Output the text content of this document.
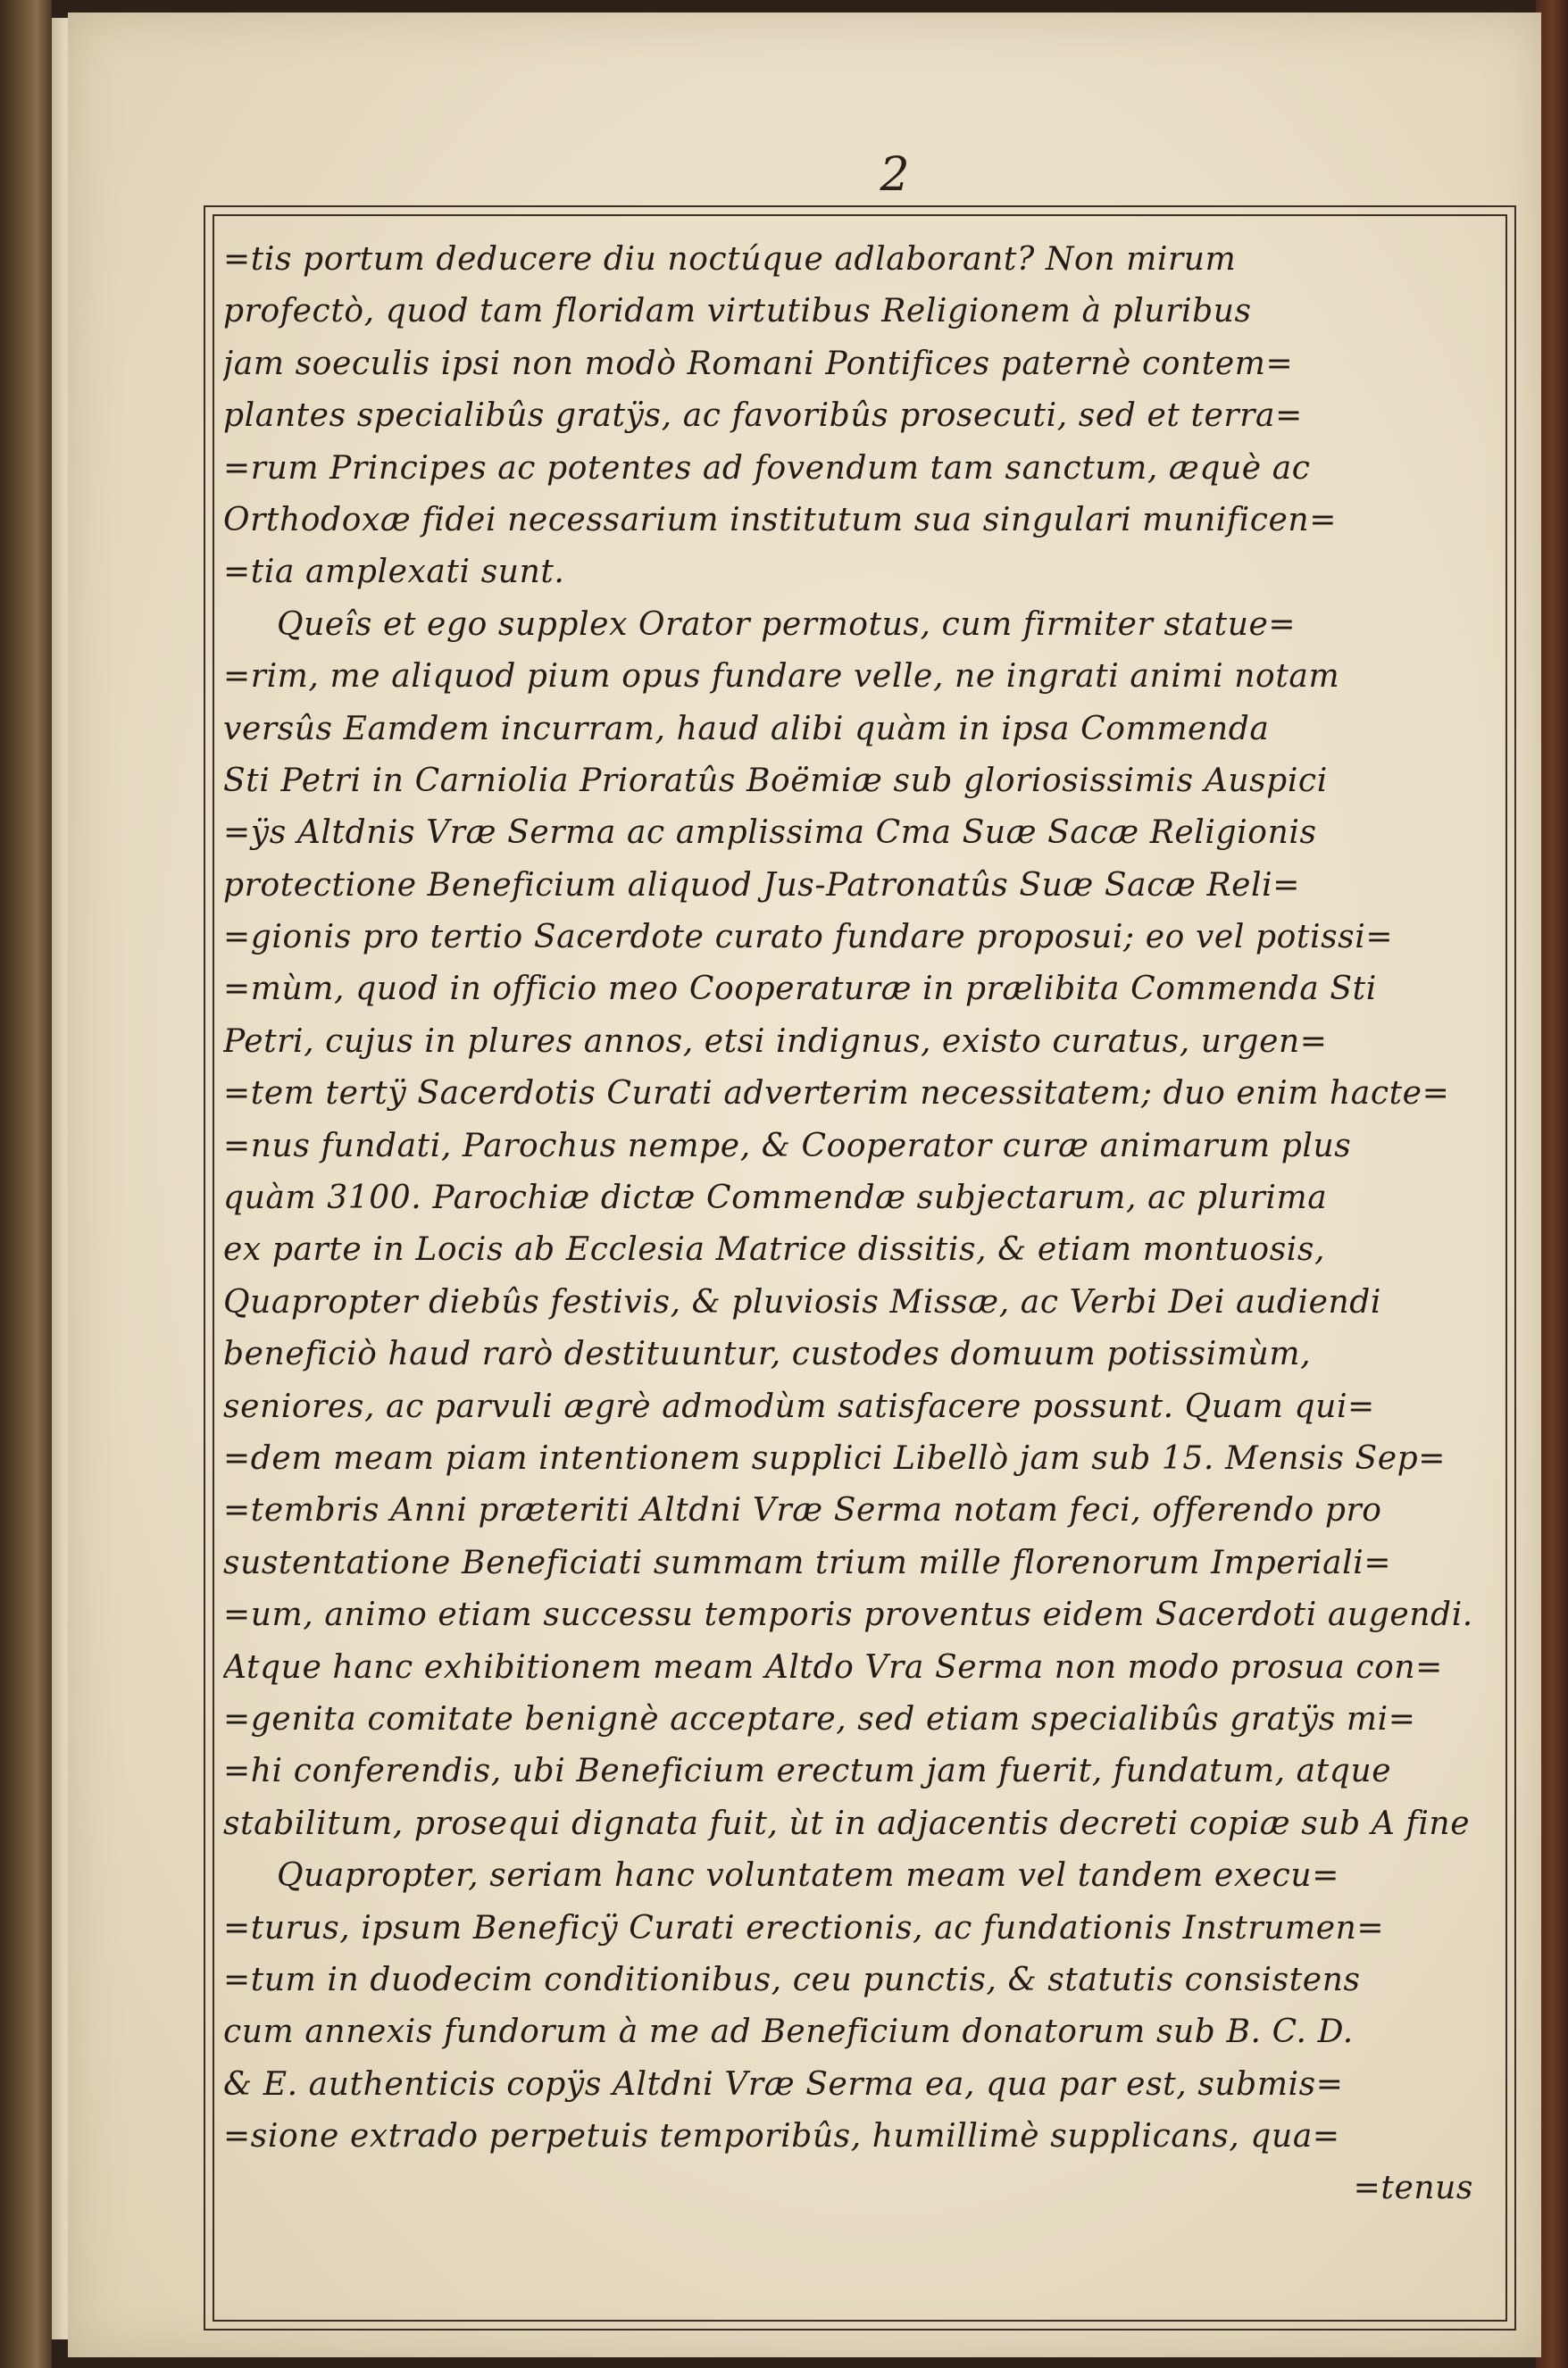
2
=tis portum deducere diu noctúque adlaborant? Non mirum
profectò, quod tam floridam virtutibus Religionem à pluribus
jam soeculis ipsi non modò Romani Pontifices paternè contem=
plantes specialibûs gratÿs, ac favoribûs prosecuti, sed et terra=
=rum Principes ac potentes ad fovendum tam sanctum, æquè ac
Orthodoxæ fidei necessarium institutum sua singulari munificen=
=tia amplexati sunt.
Queîs et ego supplex Orator permotus, cum firmiter statue=
=rim, me aliquod pium opus fundare velle, ne ingrati animi notam
versûs Eamdem incurram, haud alibi quàm in ipsa Commenda
Sti Petri in Carniolia Prioratûs Boëmiæ sub gloriosissimis Auspici
=ÿs Altdnis Vræ Serma ac amplissima Cma Suæ Sacæ Religionis
protectione Beneficium aliquod Jus-Patronatûs Suæ Sacæ Reli=
=gionis pro tertio Sacerdote curato fundare proposui; eo vel potissi=
=mùm, quod in officio meo Cooperaturæ in prælibita Commenda Sti
Petri, cujus in plures annos, etsi indignus, existo curatus, urgen=
=tem tertÿ Sacerdotis Curati adverterim necessitatem; duo enim hacte=
=nus fundati, Parochus nempe, & Cooperator curæ animarum plus
quàm 3100. Parochiæ dictæ Commendæ subjectarum, ac plurima
ex parte in Locis ab Ecclesia Matrice dissitis, & etiam montuosis,
Quapropter diebûs festivis, & pluviosis Missæ, ac Verbi Dei audiendi
beneficiò haud rarò destituuntur, custodes domuum potissimùm,
seniores, ac parvuli ægrè admodùm satisfacere possunt. Quam qui=
=dem meam piam intentionem supplici Libellò jam sub 15. Mensis Sep=
=tembris Anni præteriti Altdni Vræ Serma notam feci, offerendo pro
sustentatione Beneficiati summam trium mille florenorum Imperiali=
=um, animo etiam successu temporis proventus eidem Sacerdoti augendi.
Atque hanc exhibitionem meam Altdo Vra Serma non modo prosua con=
=genita comitate benignè acceptare, sed etiam specialibûs gratÿs mi=
=hi conferendis, ubi Beneficium erectum jam fuerit, fundatum, atque
stabilitum, prosequi dignata fuit, ùt in adjacentis decreti copiæ sub A fine
Quapropter, seriam hanc voluntatem meam vel tandem execu=
=turus, ipsum Beneficÿ Curati erectionis, ac fundationis Instrumen=
=tum in duodecim conditionibus, ceu punctis, & statutis consistens
cum annexis fundorum à me ad Beneficium donatorum sub B. C. D.
& E. authenticis copÿs Altdni Vræ Serma ea, qua par est, submis=
=sione extrado perpetuis temporibûs, humillimè supplicans, qua=
=tenus
